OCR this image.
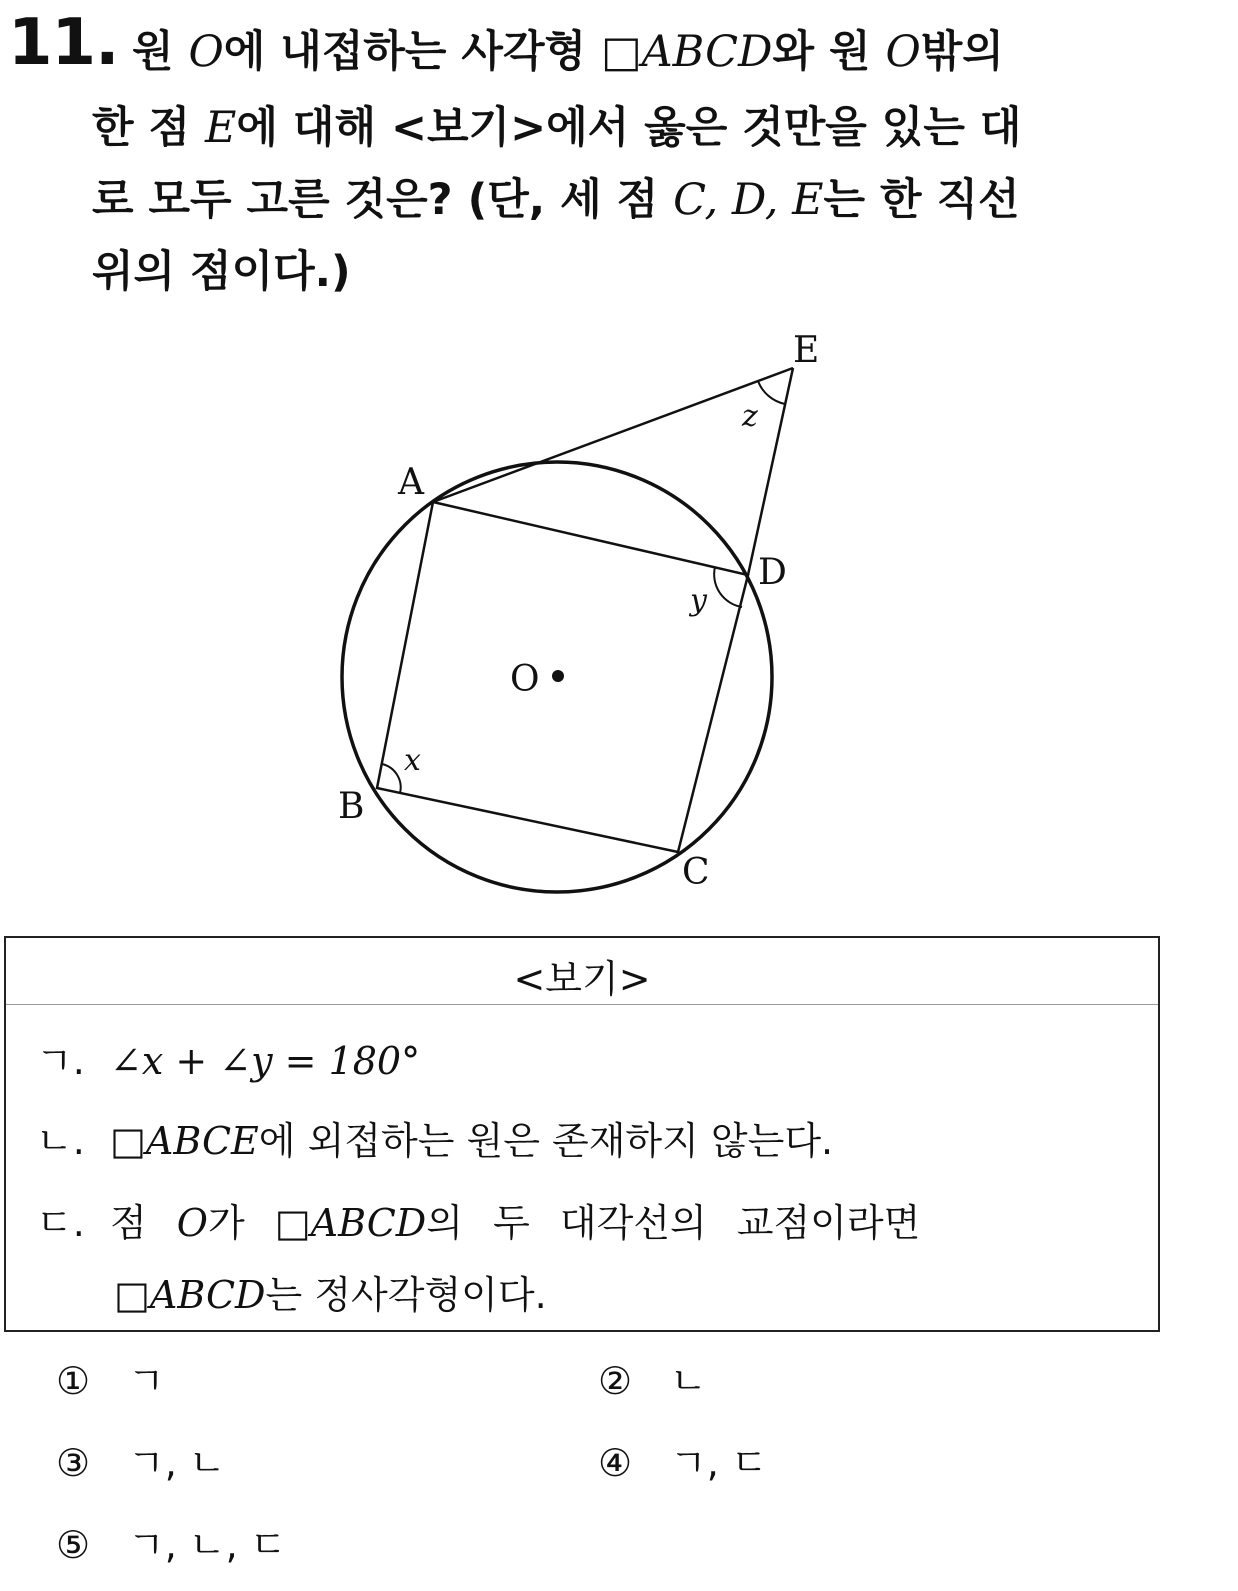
11. 원 O에 내접하는 사각형 □ABCD와 원 O밖의
한 점 E에 대해 <보기>에서 옳은 것만을 있는 대
로 모두 고른 것은? (단, 세 점 C, D, E는 한 직선
위의 점이다.)
A
B
C
D
E
O
x
y
z
<보기>
ㄱ. ∠x + ∠y = 180°
ㄴ. □ABCE에 외접하는 원은 존재하지 않는다.
ㄷ. 점 O가 □ABCD의 두 대각선의 교점이라면
□ABCD는 정사각형이다.
① ㄱ	② ㄴ
③ ㄱ, ㄴ	④ ㄱ, ㄷ
⑤ ㄱ, ㄴ, ㄷ
